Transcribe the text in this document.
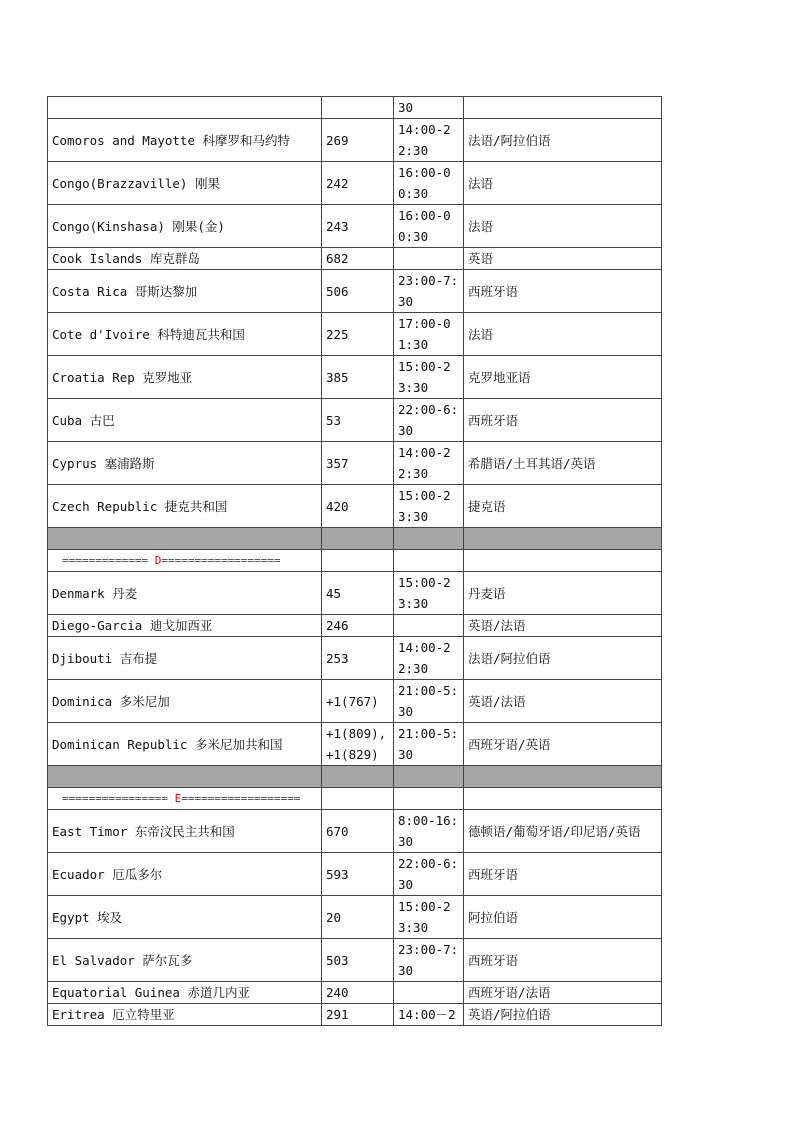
		30	
Comoros and Mayotte 科摩罗和马约特	269	14:00-22:30	法语/阿拉伯语
Congo(Brazzaville) 刚果	242	16:00-00:30	法语
Congo(Kinshasa) 刚果(金)	243	16:00-00:30	法语
Cook Islands 库克群岛	682		英语
Costa Rica 哥斯达黎加	506	23:00-7:30	西班牙语
Cote d'Ivoire 科特迪瓦共和国	225	17:00-01:30	法语
Croatia Rep 克罗地亚	385	15:00-23:30	克罗地亚语
Cuba 古巴	53	22:00-6:30	西班牙语
Cyprus 塞浦路斯	357	14:00-22:30	希腊语/土耳其语/英语
Czech Republic 捷克共和国	420	15:00-23:30	捷克语

============= D==================			
Denmark 丹麦	45	15:00-23:30	丹麦语
Diego-Garcia 迪戈加西亚	246		英语/法语
Djibouti 吉布提	253	14:00-22:30	法语/阿拉伯语
Dominica 多米尼加	+1(767)	21:00-5:30	英语/法语
Dominican Republic 多米尼加共和国	+1(809),+1(829)	21:00-5:30	西班牙语/英语

================ E==================			
East Timor 东帝汶民主共和国	670	8:00-16:30	德顿语/葡萄牙语/印尼语/英语
Ecuador 厄瓜多尔	593	22:00-6:30	西班牙语
Egypt 埃及	20	15:00-23:30	阿拉伯语
El Salvador 萨尔瓦多	503	23:00-7:30	西班牙语
Equatorial Guinea 赤道几内亚	240		西班牙语/法语
Eritrea 厄立特里亚	291	14:00－2	英语/阿拉伯语
